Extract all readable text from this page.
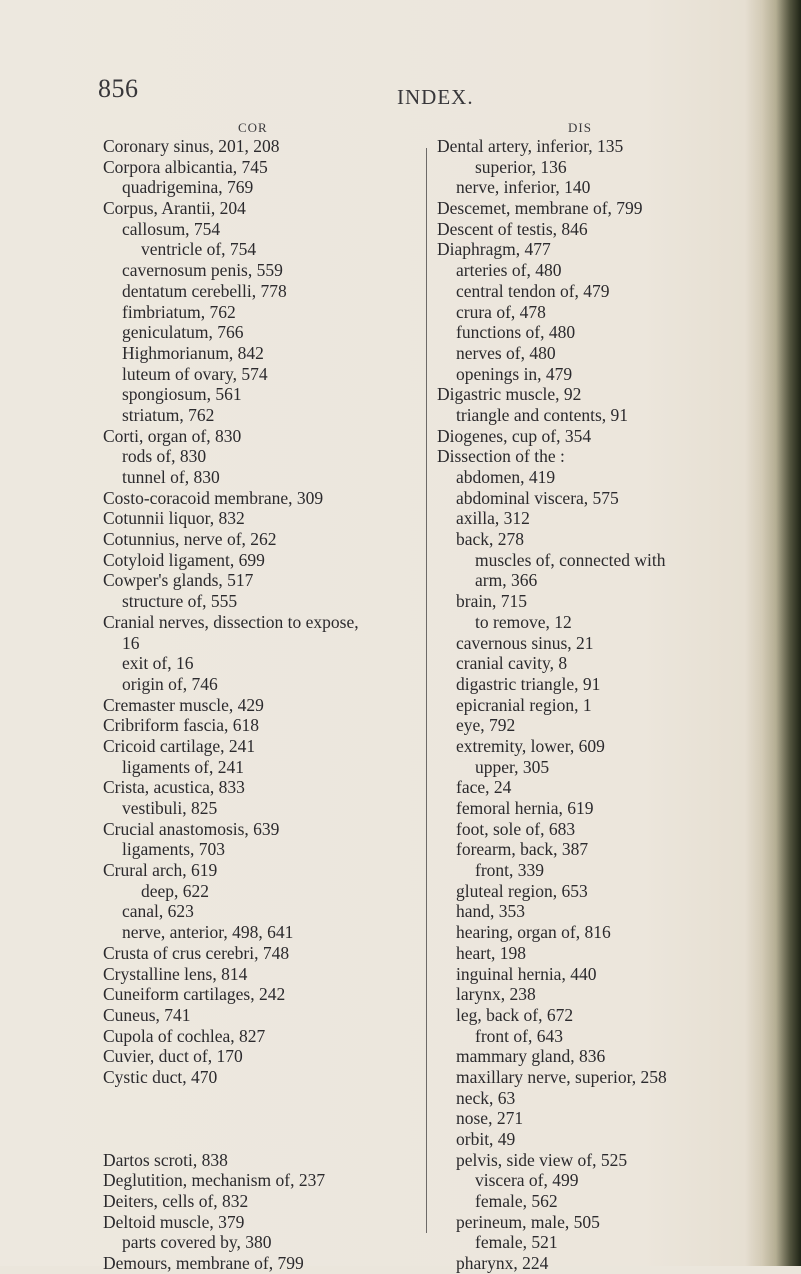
856	INDEX.
COR	DIS
Coronary sinus, 201, 208
Corpora albicantia, 745
quadrigemina, 769
Corpus, Arantii, 204
callosum, 754
ventricle of, 754
cavernosum penis, 559
dentatum cerebelli, 778
fimbriatum, 762
geniculatum, 766
Highmorianum, 842
luteum of ovary, 574
spongiosum, 561
striatum, 762
Corti, organ of, 830
rods of, 830
tunnel of, 830
Costo-coracoid membrane, 309
Cotunnii liquor, 832
Cotunnius, nerve of, 262
Cotyloid ligament, 699
Cowper's glands, 517
structure of, 555
Cranial nerves, dissection to expose,
16
exit of, 16
origin of, 746
Cremaster muscle, 429
Cribriform fascia, 618
Cricoid cartilage, 241
ligaments of, 241
Crista, acustica, 833
vestibuli, 825
Crucial anastomosis, 639
ligaments, 703
Crural arch, 619
deep, 622
canal, 623
nerve, anterior, 498, 641
Crusta of crus cerebri, 748
Crystalline lens, 814
Cuneiform cartilages, 242
Cuneus, 741
Cupola of cochlea, 827
Cuvier, duct of, 170
Cystic duct, 470
Dartos scroti, 838
Deglutition, mechanism of, 237
Deiters, cells of, 832
Deltoid muscle, 379
parts covered by, 380
Demours, membrane of, 799
Dental artery, inferior, 135
superior, 136
nerve, inferior, 140
Descemet, membrane of, 799
Descent of testis, 846
Diaphragm, 477
arteries of, 480
central tendon of, 479
crura of, 478
functions of, 480
nerves of, 480
openings in, 479
Digastric muscle, 92
triangle and contents, 91
Diogenes, cup of, 354
Dissection of the :
abdomen, 419
abdominal viscera, 575
axilla, 312
back, 278
muscles of, connected with
arm, 366
brain, 715
to remove, 12
cavernous sinus, 21
cranial cavity, 8
digastric triangle, 91
epicranial region, 1
eye, 792
extremity, lower, 609
upper, 305
face, 24
femoral hernia, 619
foot, sole of, 683
forearm, back, 387
front, 339
gluteal region, 653
hand, 353
hearing, organ of, 816
heart, 198
inguinal hernia, 440
larynx, 238
leg, back of, 672
front of, 643
mammary gland, 836
maxillary nerve, superior, 258
neck, 63
nose, 271
orbit, 49
pelvis, side view of, 525
viscera of, 499
female, 562
perineum, male, 505
female, 521
pharynx, 224
